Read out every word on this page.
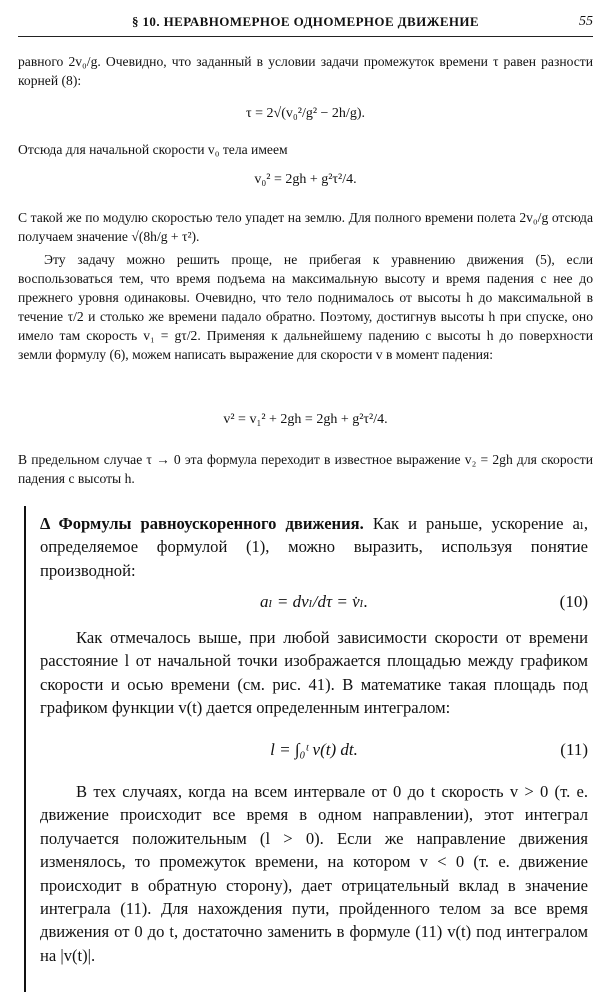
§ 10. НЕРАВНОМЕРНОЕ ОДНОМЕРНОЕ ДВИЖЕНИЕ	55

равного 2v₀/g. Очевидно, что заданный в условии задачи промежуток времени τ равен разности корней (8):

τ = 2√(v₀²/g² − 2h/g).

Отсюда для начальной скорости v₀ тела имеем

v₀² = 2gh + g²τ²/4.

С такой же по модулю скоростью тело упадет на землю. Для полного времени полета 2v₀/g отсюда получаем значение √(8h/g + τ²).

Эту задачу можно решить проще, не прибегая к уравнению движения (5), если воспользоваться тем, что время подъема на максимальную высоту и время падения с нее до прежнего уровня одинаковы. Очевидно, что тело поднималось от высоты h до максимальной в течение τ/2 и столько же времени падало обратно. Поэтому, достигнув высоты h при спуске, оно имело там скорость v₁ = gτ/2. Применяя к дальнейшему падению с высоты h до поверхности земли формулу (6), можем написать выражение для скорости v в момент падения:

v² = v₁² + 2gh = 2gh + g²τ²/4.

В предельном случае τ → 0 эта формула переходит в известное выражение v₂ = 2gh для скорости падения с высоты h.

Δ Формулы равноускоренного движения. Как и раньше, ускорение aₗ, определяемое формулой (1), можно выразить, используя понятие производной:

aₗ = dvₗ/dτ = v̇ₗ.	(10)

Как отмечалось выше, при любой зависимости скорости от времени расстояние l от начальной точки изображается площадью между графиком скорости и осью времени (см. рис. 41). В математике такая площадь под графиком функции v(t) дается определенным интегралом:

l = ∫₀ᵗ v(t) dt.	(11)

В тех случаях, когда на всем интервале от 0 до t скорость v > 0 (т. е. движение происходит все время в одном направлении), этот интеграл получается положительным (l > 0). Если же направление движения изменялось, то промежуток времени, на котором v < 0 (т. е. движение происходит в обратную сторону), дает отрицательный вклад в значение интеграла (11). Для нахождения пути, пройденного телом за все время движения от 0 до t, достаточно заменить в формуле (11) v(t) под интегралом на |v(t)|.
